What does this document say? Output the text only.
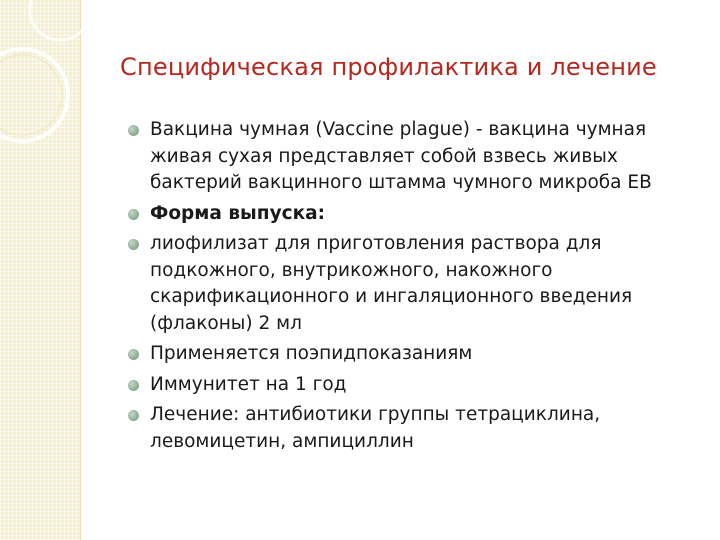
Специфическая профилактика и лечение
Вакцина чумная (Vaccine plague) - вакцина чумная живая сухая представляет собой взвесь живых бактерий вакцинного штамма чумного микроба EВ
Форма выпуска:
лиофилизат для приготовления раствора для подкожного, внутрикожного, накожного скарификационного и ингаляционного введения (флаконы) 2 мл
Применяется поэпидпоказаниям
Иммунитет на 1 год
Лечение: антибиотики группы тетрациклина, левомицетин, ампициллин
